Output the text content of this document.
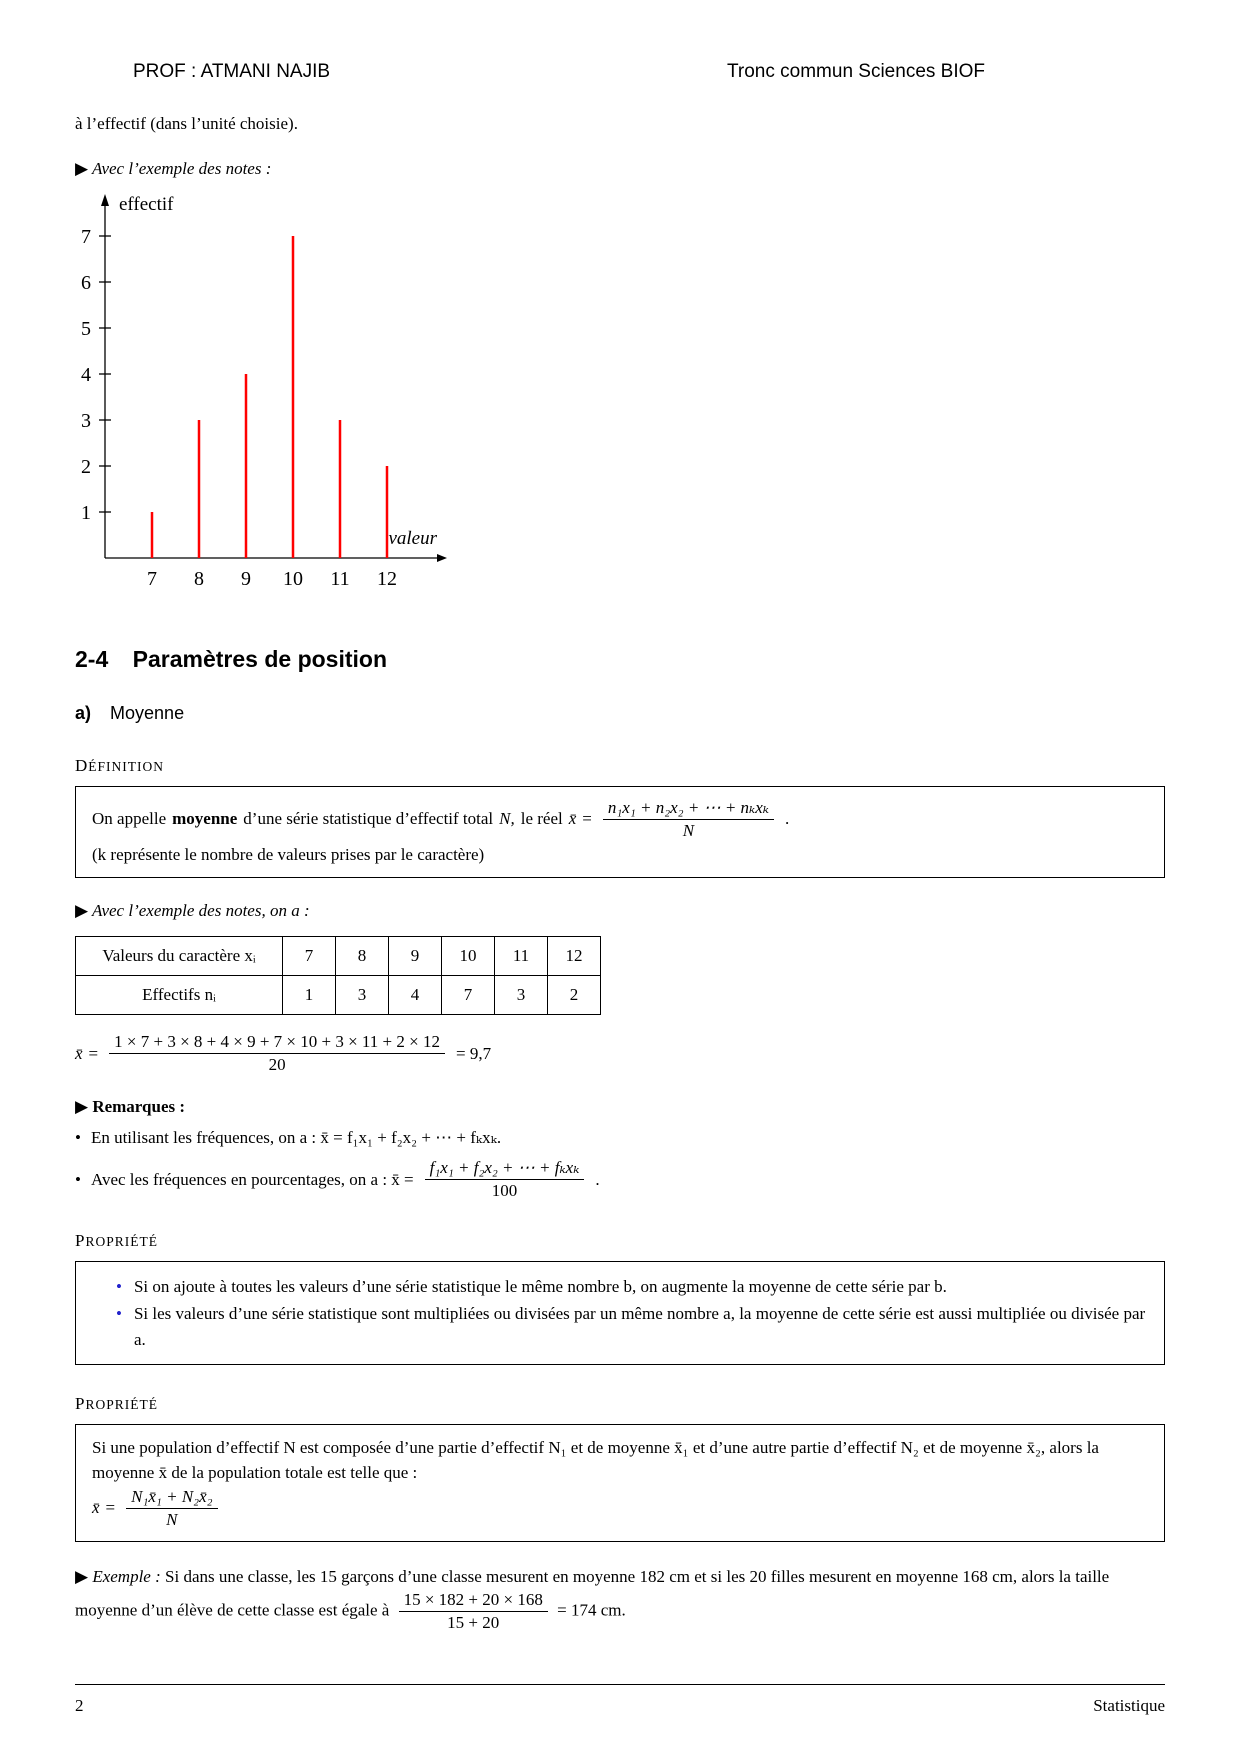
PROF : ATMANI NAJIB	Tronc commun Sciences BIOF

à l’effectif (dans l’unité choisie).

▶ Avec l’exemple des notes :

effectif
valeur
1
2
3
4
5
6
7
7 8 9 10 11 12
2-4 Paramètres de position
a) Moyenne
DÉFINITION

On appelle moyenne d’une série statistique d’effectif total N, le réel x̄ = $\frac{\text{n₁x₁ + n₂x₂ + ⋯ + nₖxₖ}}{N}$ .

(k représente le nombre de valeurs prises par le caractère)

▶ Avec l’exemple des notes, on a :

Valeurs du caractère xᵢ	7	8	9	10	11	12
Effectifs nᵢ	1	3	4	7	3	2

x̄ = $\frac{1 \times 7 + 3 \times 8 + 4 \times 9 + 7 \times 10 + 3 \times 11 + 2 \times 12}{20} = 9,7$

▶ Remarques :

• En utilisant les fréquences, on a : x̄ = f₁x₁ + f₂x₂ + ⋯ + fₖxₖ.
• Avec les fréquences en pourcentages, on a : x̄ = $\frac{\text{f₁x₁ + f₂x₂ + ⋯ + fₖxₖ}}{100}$ .
PROPRIÉTÉ
• Si on ajoute à toutes les valeurs d’une série statistique le même nombre b, on augmente la moyenne de cette série par b.
• Si les valeurs d’une série statistique sont multipliées ou divisées par un même nombre a, la moyenne de cette série est aussi multipliée ou divisée par a.
PROPRIÉTÉ

Si une population d’effectif N est composée d’une partie d’effectif N₁ et de moyenne x̄₁ et d’une autre partie d’effectif N₂ et de moyenne x̄₂, alors la moyenne x̄ de la population totale est telle que :

x̄ = $\frac{\text{N₁x̄₁ + N₂x̄₂}}{N}$

▶ Exemple : Si dans une classe, les 15 garçons d’une classe mesurent en moyenne 182 cm et si les 20 filles mesurent en moyenne 168 cm, alors la taille moyenne d’un élève de cette classe est égale à $\frac{15 \times 182 + 20 \times 168}{15 + 20} = 174$ cm.

2	Statistique
